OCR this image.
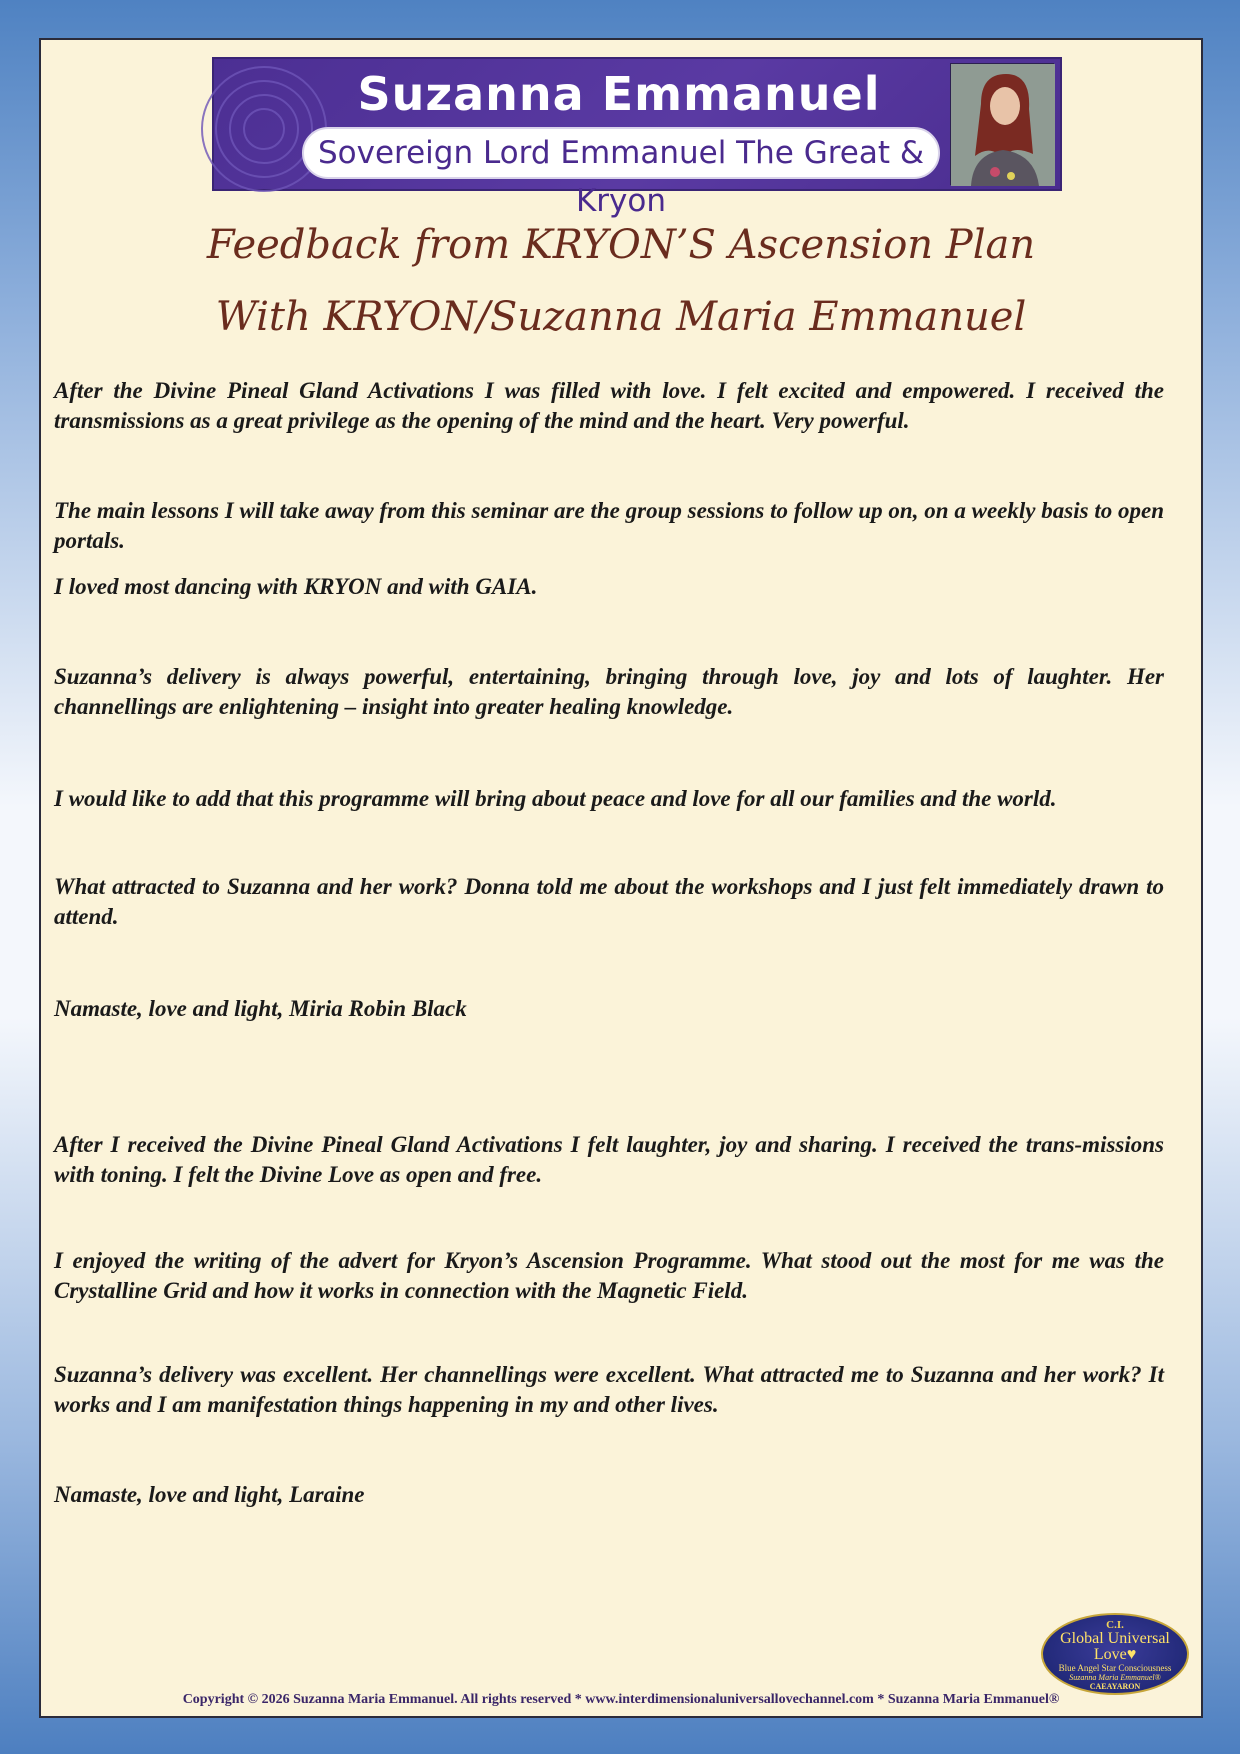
Suzanna Emmanuel
Sovereign Lord Emmanuel The Great & Kryon
Feedback from KRYON’S Ascension Plan
With KRYON/Suzanna Maria Emmanuel

After the Divine Pineal Gland Activations I was filled with love. I felt excited and empowered. I received the transmissions as a great privilege as the opening of the mind and the heart. Very powerful.

The main lessons I will take away from this seminar are the group sessions to follow up on, on a weekly basis to open portals.

I loved most dancing with KRYON and with GAIA.

Suzanna’s delivery is always powerful, entertaining, bringing through love, joy and lots of laughter. Her channellings are enlightening – insight into greater healing knowledge.

I would like to add that this programme will bring about peace and love for all our families and the world.

What attracted to Suzanna and her work? Donna told me about the workshops and I just felt immediately drawn to attend.

Namaste, love and light, Miria Robin Black

After I received the Divine Pineal Gland Activations I felt laughter, joy and sharing. I received the trans-missions with toning. I felt the Divine Love as open and free.

I enjoyed the writing of the advert for Kryon’s Ascension Programme. What stood out the most for me was the Crystalline Grid and how it works in connection with the Magnetic Field.

Suzanna’s delivery was excellent. Her channellings were excellent. What attracted me to Suzanna and her work? It works and I am manifestation things happening in my and other lives.

Namaste, love and light, Laraine

C.I.
Global Universal Love♥
Blue Angel Star Consciousness
Suzanna Maria Emmanuel®
CAEAYARON
Copyright © 2026 Suzanna Maria Emmanuel. All rights reserved * www.interdimensionaluniversallovechannel.com * Suzanna Maria Emmanuel®
